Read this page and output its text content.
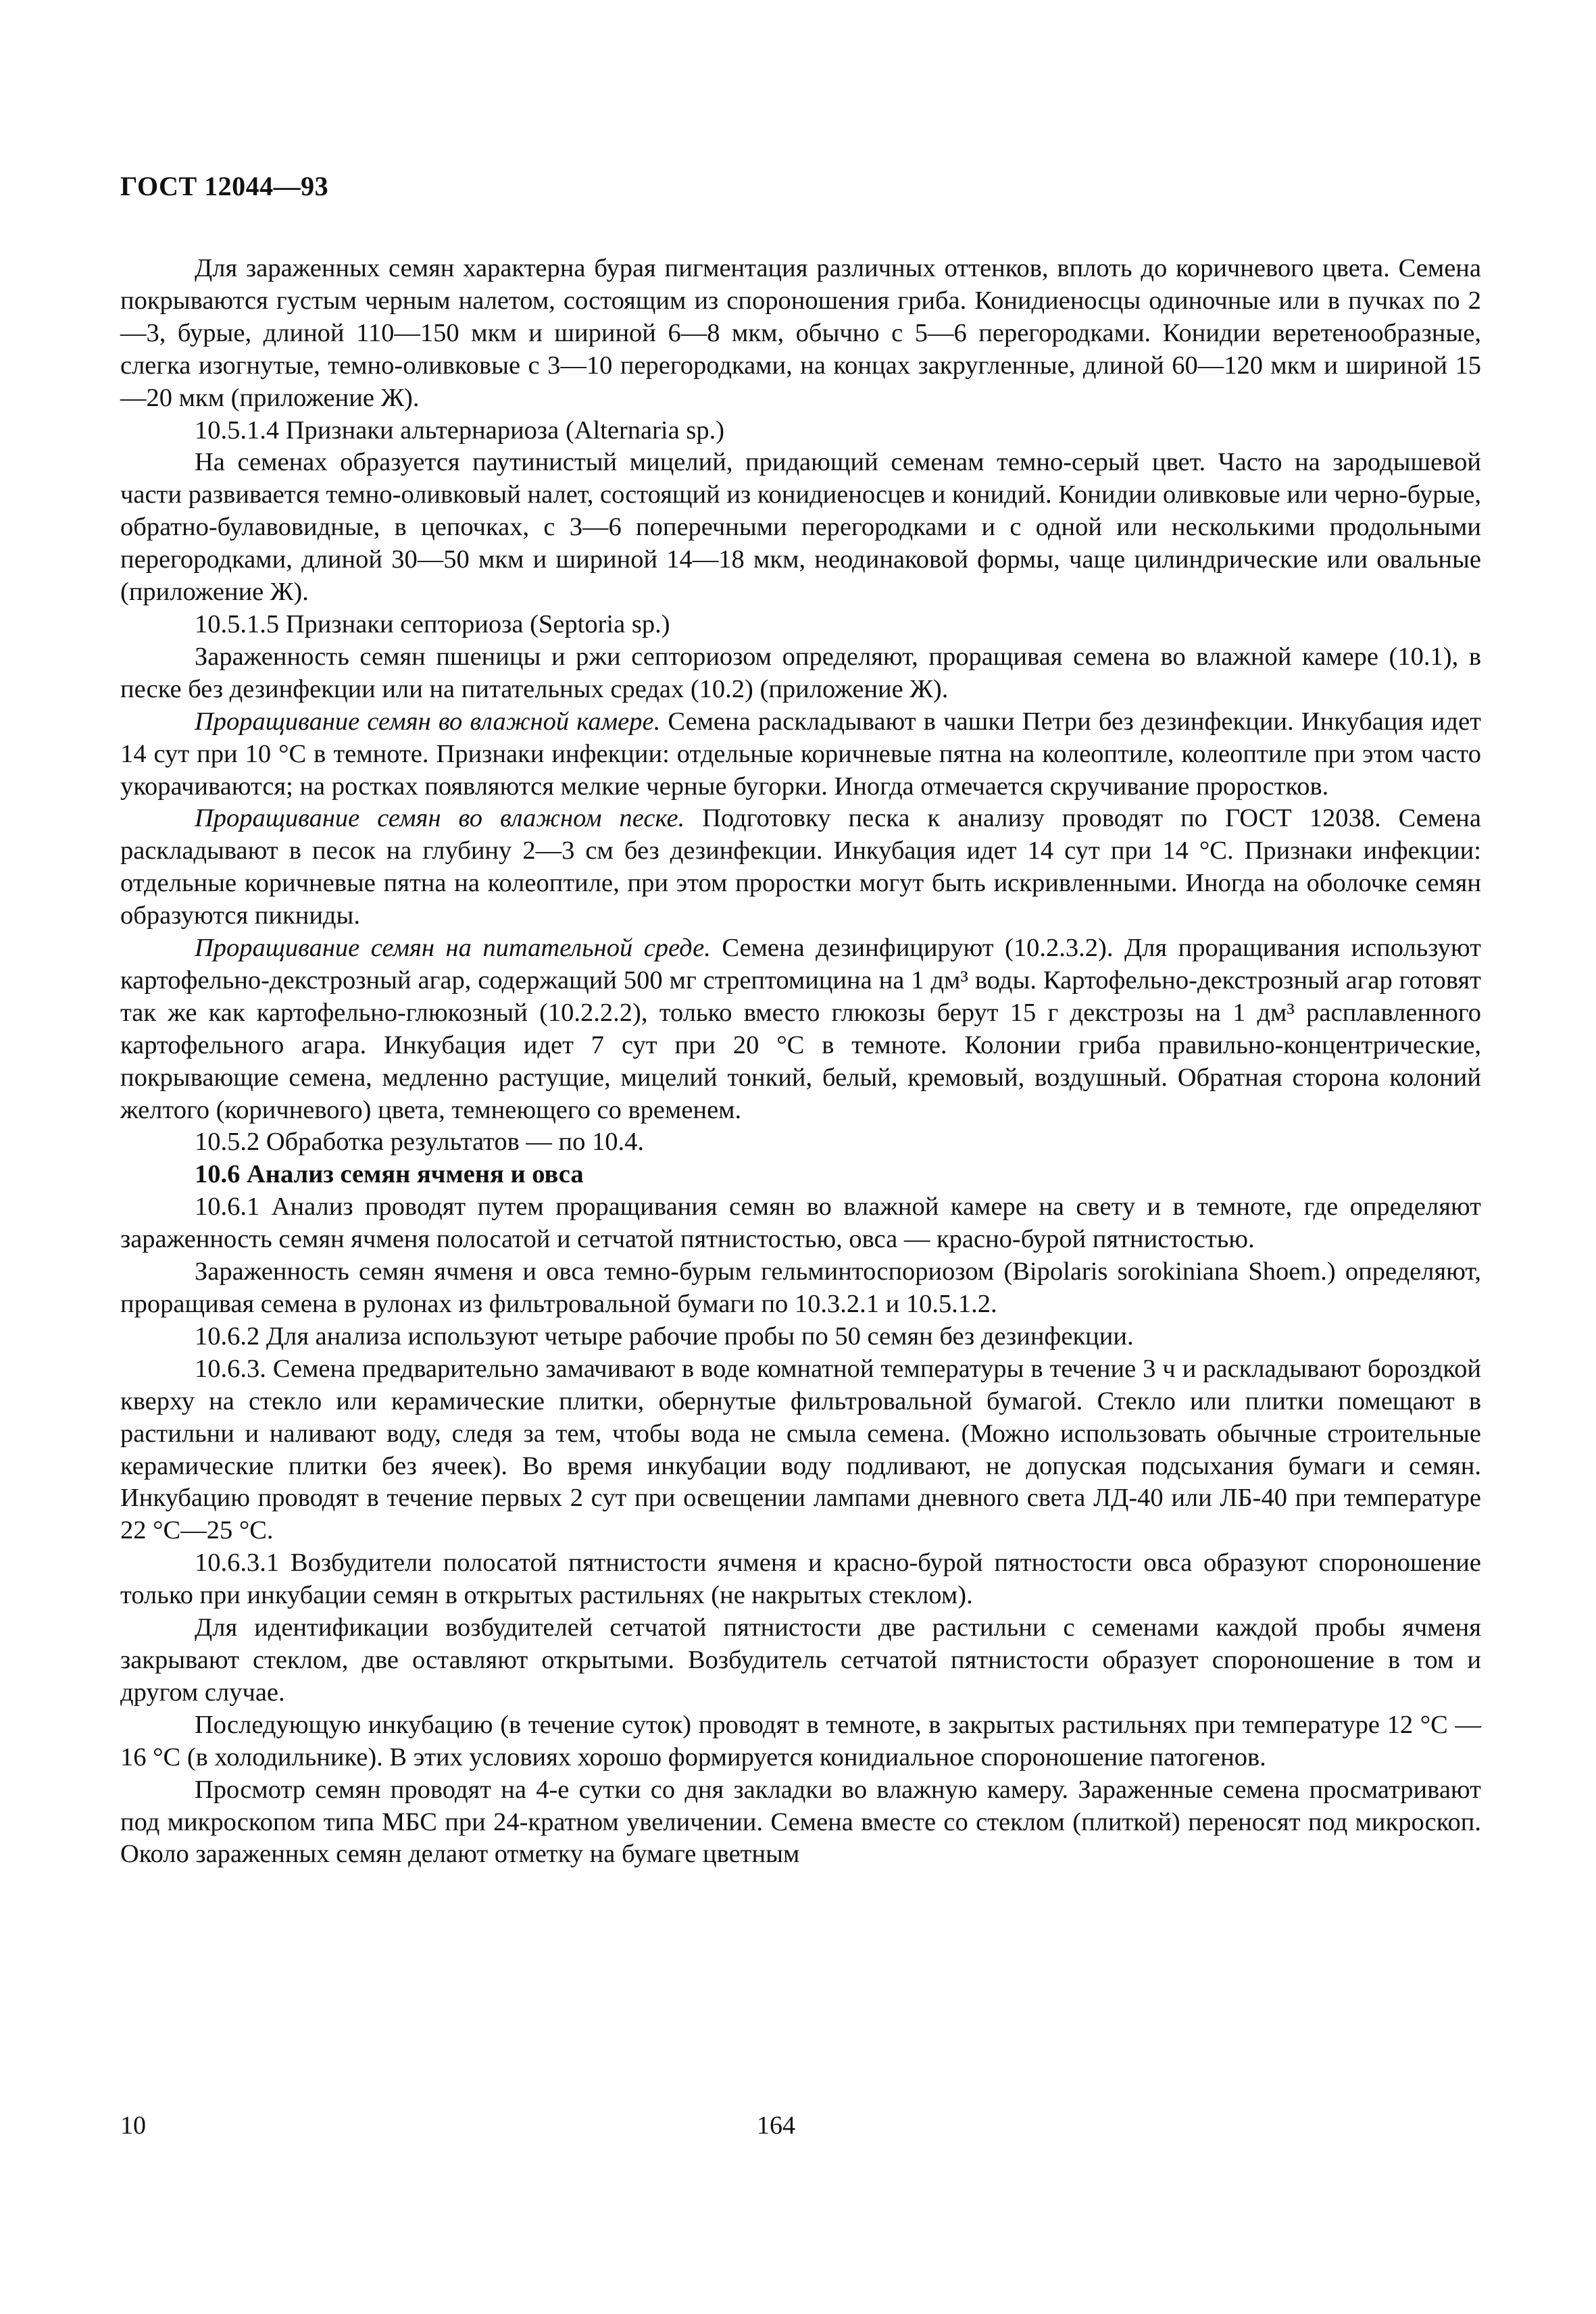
ГОСТ 12044—93

Для зараженных семян характерна бурая пигментация различных оттенков, вплоть до коричневого цвета. Семена покрываются густым черным налетом, состоящим из спороношения гриба. Конидиеносцы одиночные или в пучках по 2—3, бурые, длиной 110—150 мкм и шириной 6—8 мкм, обычно с 5—6 перегородками. Конидии веретенообразные, слегка изогнутые, темно-оливковые с 3—10 перегородками, на концах закругленные, длиной 60—120 мкм и шириной 15—20 мкм (приложение Ж).

10.5.1.4 Признаки альтернариоза (Alternaria sp.)

На семенах образуется паутинистый мицелий, придающий семенам темно-серый цвет. Часто на зародышевой части развивается темно-оливковый налет, состоящий из конидиеносцев и конидий. Конидии оливковые или черно-бурые, обратно-булавовидные, в цепочках, с 3—6 поперечными перегородками и с одной или несколькими продольными перегородками, длиной 30—50 мкм и шириной 14—18 мкм, неодинаковой формы, чаще цилиндрические или овальные (приложение Ж).

10.5.1.5 Признаки септориоза (Septoria sp.)

Зараженность семян пшеницы и ржи септориозом определяют, проращивая семена во влажной камере (10.1), в песке без дезинфекции или на питательных средах (10.2) (приложение Ж).

Проращивание семян во влажной камере. Семена раскладывают в чашки Петри без дезинфекции. Инкубация идет 14 сут при 10 °С в темноте. Признаки инфекции: отдельные коричневые пятна на колеоптиле, колеоптиле при этом часто укорачиваются; на ростках появляются мелкие черные бугорки. Иногда отмечается скручивание проростков.

Проращивание семян во влажном песке. Подготовку песка к анализу проводят по ГОСТ 12038. Семена раскладывают в песок на глубину 2—3 см без дезинфекции. Инкубация идет 14 сут при 14 °С. Признаки инфекции: отдельные коричневые пятна на колеоптиле, при этом проростки могут быть искривленными. Иногда на оболочке семян образуются пикниды.

Проращивание семян на питательной среде. Семена дезинфицируют (10.2.3.2). Для проращивания используют картофельно-декстрозный агар, содержащий 500 мг стрептомицина на 1 дм³ воды. Картофельно-декстрозный агар готовят так же как картофельно-глюкозный (10.2.2.2), только вместо глюкозы берут 15 г декстрозы на 1 дм³ расплавленного картофельного агара. Инкубация идет 7 сут при 20 °С в темноте. Колонии гриба правильно-концентрические, покрывающие семена, медленно растущие, мицелий тонкий, белый, кремовый, воздушный. Обратная сторона колоний желтого (коричневого) цвета, темнеющего со временем.

10.5.2 Обработка результатов — по 10.4.

10.6 Анализ семян ячменя и овса

10.6.1 Анализ проводят путем проращивания семян во влажной камере на свету и в темноте, где определяют зараженность семян ячменя полосатой и сетчатой пятнистостью, овса — красно-бурой пятнистостью.

Зараженность семян ячменя и овса темно-бурым гельминтоспориозом (Bipolaris sorokiniana Shoem.) определяют, проращивая семена в рулонах из фильтровальной бумаги по 10.3.2.1 и 10.5.1.2.

10.6.2 Для анализа используют четыре рабочие пробы по 50 семян без дезинфекции.

10.6.3. Семена предварительно замачивают в воде комнатной температуры в течение 3 ч и раскладывают бороздкой кверху на стекло или керамические плитки, обернутые фильтровальной бумагой. Стекло или плитки помещают в растильни и наливают воду, следя за тем, чтобы вода не смыла семена. (Можно использовать обычные строительные керамические плитки без ячеек). Во время инкубации воду подливают, не допуская подсыхания бумаги и семян. Инкубацию проводят в течение первых 2 сут при освещении лампами дневного света ЛД-40 или ЛБ-40 при температуре 22 °С—25 °С.

10.6.3.1 Возбудители полосатой пятнистости ячменя и красно-бурой пятностости овса образуют спороношение только при инкубации семян в открытых растильнях (не накрытых стеклом).

Для идентификации возбудителей сетчатой пятнистости две растильни с семенами каждой пробы ячменя закрывают стеклом, две оставляют открытыми. Возбудитель сетчатой пятнистости образует спороношение в том и другом случае.

Последующую инкубацию (в течение суток) проводят в темноте, в закрытых растильнях при температуре 12 °С — 16 °С (в холодильнике). В этих условиях хорошо формируется конидиальное спороношение патогенов.

Просмотр семян проводят на 4-е сутки со дня закладки во влажную камеру. Зараженные семена просматривают под микроскопом типа МБС при 24-кратном увеличении. Семена вместе со стеклом (плиткой) переносят под микроскоп. Около зараженных семян делают отметку на бумаге цветным

10	164
